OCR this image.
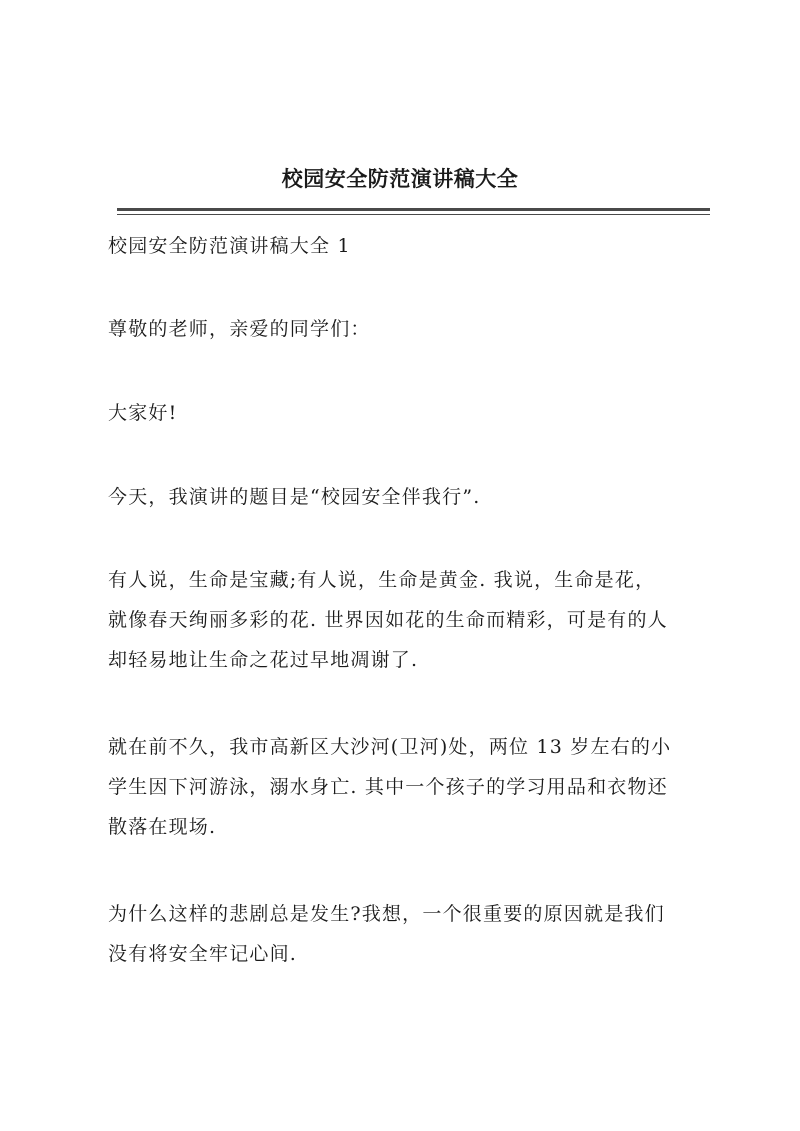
校园安全防范演讲稿大全

校园安全防范演讲稿大全 1

尊敬的老师，亲爱的同学们：

大家好!

今天，我演讲的题目是“校园安全伴我行”.

有人说，生命是宝藏;有人说，生命是黄金. 我说，生命是花，
就像春天绚丽多彩的花. 世界因如花的生命而精彩，可是有的人
却轻易地让生命之花过早地凋谢了.

就在前不久，我市高新区大沙河(卫河)处，两位 13 岁左右的小
学生因下河游泳，溺水身亡. 其中一个孩子的学习用品和衣物还
散落在现场.

为什么这样的悲剧总是发生?我想，一个很重要的原因就是我们
没有将安全牢记心间.
